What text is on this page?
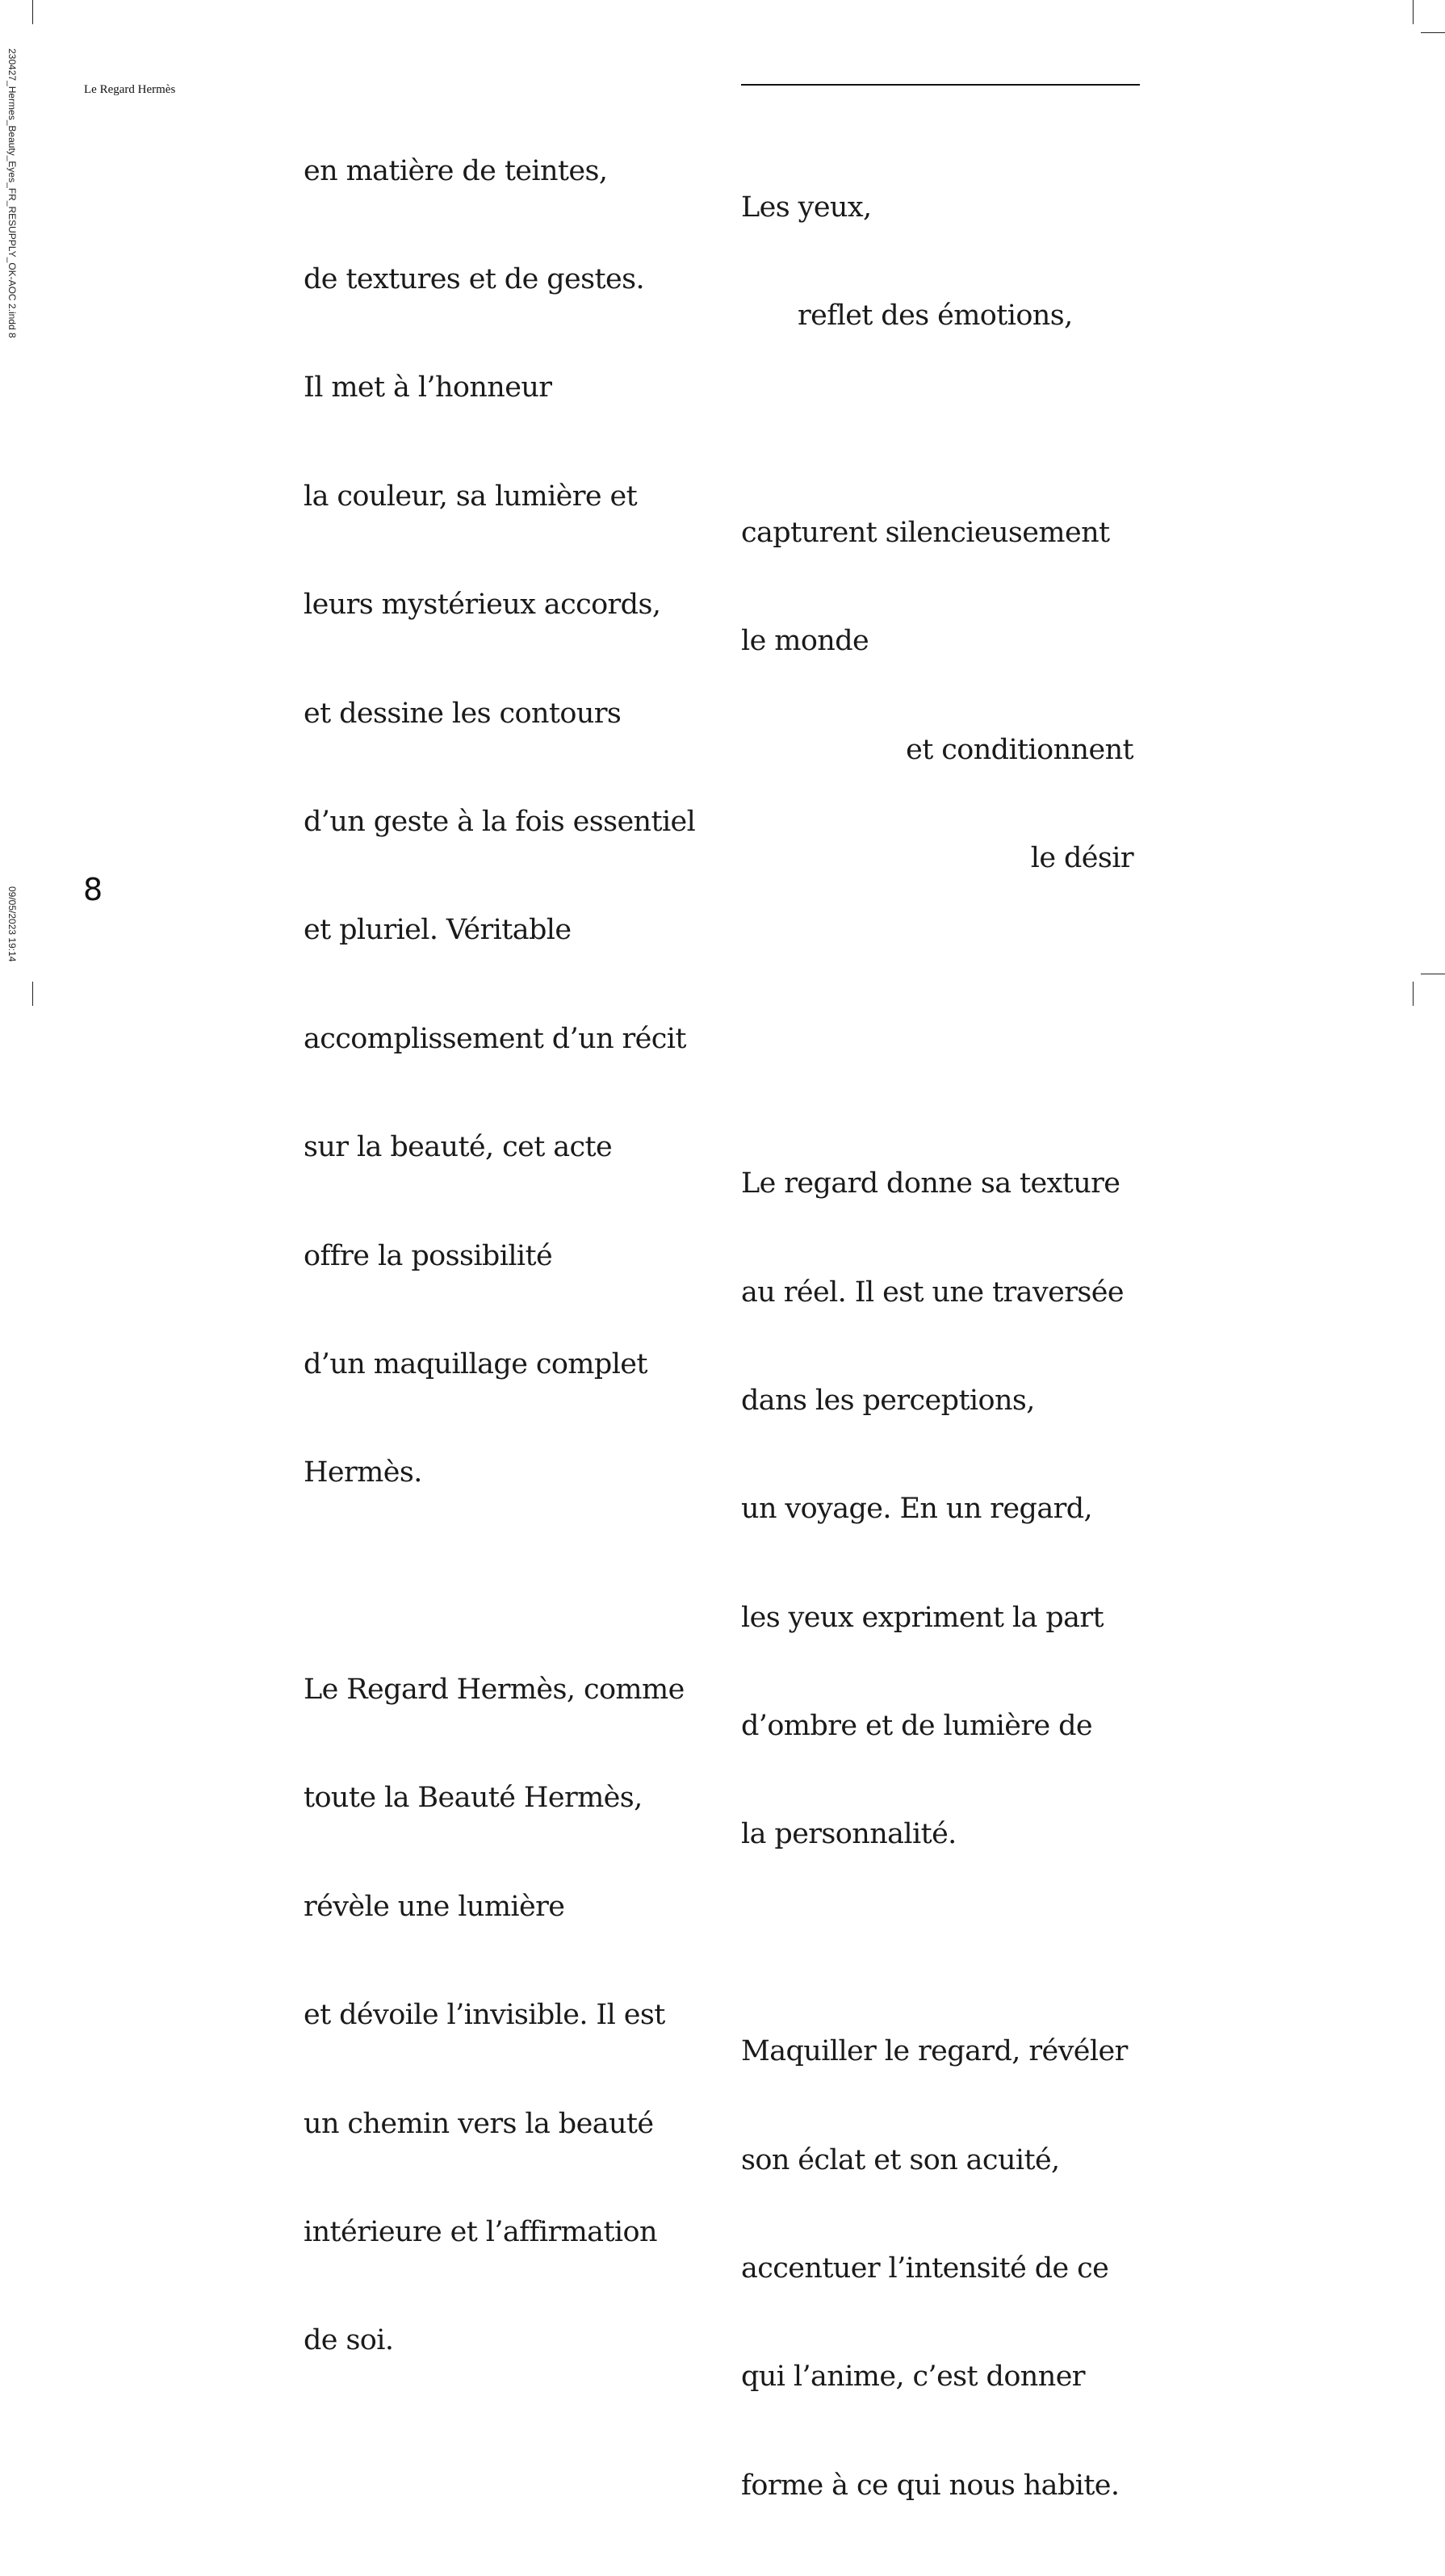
230427_Hermes_Beauty_Eyes_FR_RESUPPLY_OK-AOC 2.indd 8
09/05/2023 19:14
Le Regard Hermès
8

en matière de teintes,

de textures et de gestes.

Il met à l’honneur

la couleur, sa lumière et

leurs mystérieux accords,

et dessine les contours

d’un geste à la fois essentiel

et pluriel. Véritable

accomplissement d’un récit

sur la beauté, cet acte

offre la possibilité

d’un maquillage complet

Hermès.

Le Regard Hermès, comme

toute la Beauté Hermès,

révèle une lumière

et dévoile l’invisible. Il est

un chemin vers la beauté

intérieure et l’affirmation

de soi.

Les yeux,

reflet des émotions,

capturent silencieusement

le monde

et conditionnent

le désir

Le regard donne sa texture

au réel. Il est une traversée

dans les perceptions,

un voyage. En un regard,

les yeux expriment la part

d’ombre et de lumière de

la personnalité.

Maquiller le regard, révéler

son éclat et son acuité,

accentuer l’intensité de ce

qui l’anime, c’est donner

forme à ce qui nous habite.
